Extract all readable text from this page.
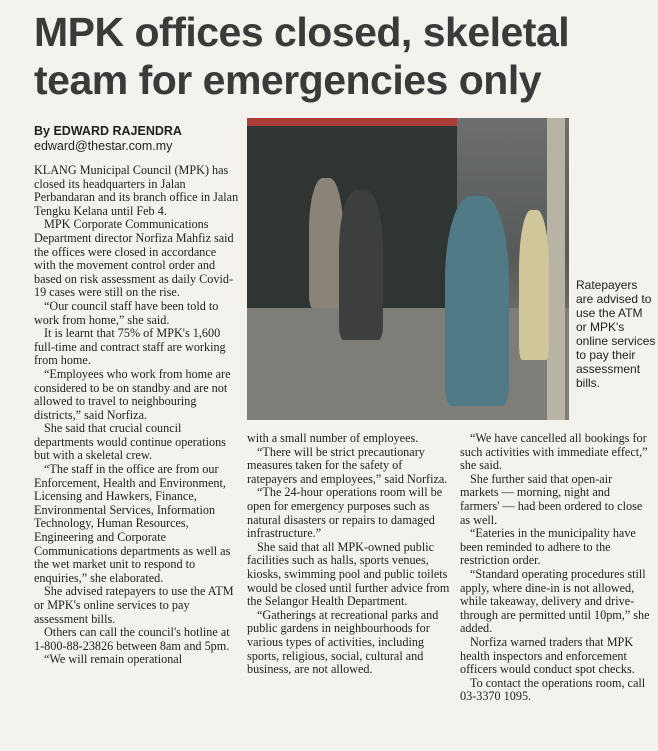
MPK offices closed, skeletal team for emergencies only
By EDWARD RAJENDRA
edward@thestar.com.my

KLANG Municipal Council (MPK) has closed its headquarters in Jalan Perbandaran and its branch office in Jalan Tengku Kelana until Feb 4.

MPK Corporate Communications Department director Norfiza Mahfiz said the offices were closed in accordance with the movement control order and based on risk assessment as daily Covid-19 cases were still on the rise.

“Our council staff have been told to work from home,” she said.

It is learnt that 75% of MPK's 1,600 full-time and contract staff are working from home.

“Employees who work from home are considered to be on standby and are not allowed to travel to neighbouring districts,” said Norfiza.

She said that crucial council departments would continue operations but with a skeletal crew.

“The staff in the office are from our Enforcement, Health and Environment, Licensing and Hawkers, Finance, Environmental Services, Information Technology, Human Resources, Engineering and Corporate Communications departments as well as the wet market unit to respond to enquiries,” she elaborated.

She advised ratepayers to use the ATM or MPK's online services to pay assessment bills.

Others can call the council's hotline at 1-800-88-23826 between 8am and 5pm.

“We will remain operational

Ratepayers are advised to use the ATM or MPK's online services to pay their assessment bills.

with a small number of employees.

“There will be strict precautionary measures taken for the safety of ratepayers and employees,” said Norfiza.

“The 24-hour operations room will be open for emergency purposes such as natural disasters or repairs to damaged infrastructure.”

She said that all MPK-owned public facilities such as halls, sports venues, kiosks, swimming pool and public toilets would be closed until further advice from the Selangor Health Department.

“Gatherings at recreational parks and public gardens in neighbourhoods for various types of activities, including sports, religious, social, cultural and business, are not allowed.

“We have cancelled all bookings for such activities with immediate effect,” she said.

She further said that open-air markets — morning, night and farmers' — had been ordered to close as well.

“Eateries in the municipality have been reminded to adhere to the restriction order.

“Standard operating procedures still apply, where dine-in is not allowed, while takeaway, delivery and drive-through are permitted until 10pm,” she added.

Norfiza warned traders that MPK health inspectors and enforcement officers would conduct spot checks.

To contact the operations room, call 03-3370 1095.
